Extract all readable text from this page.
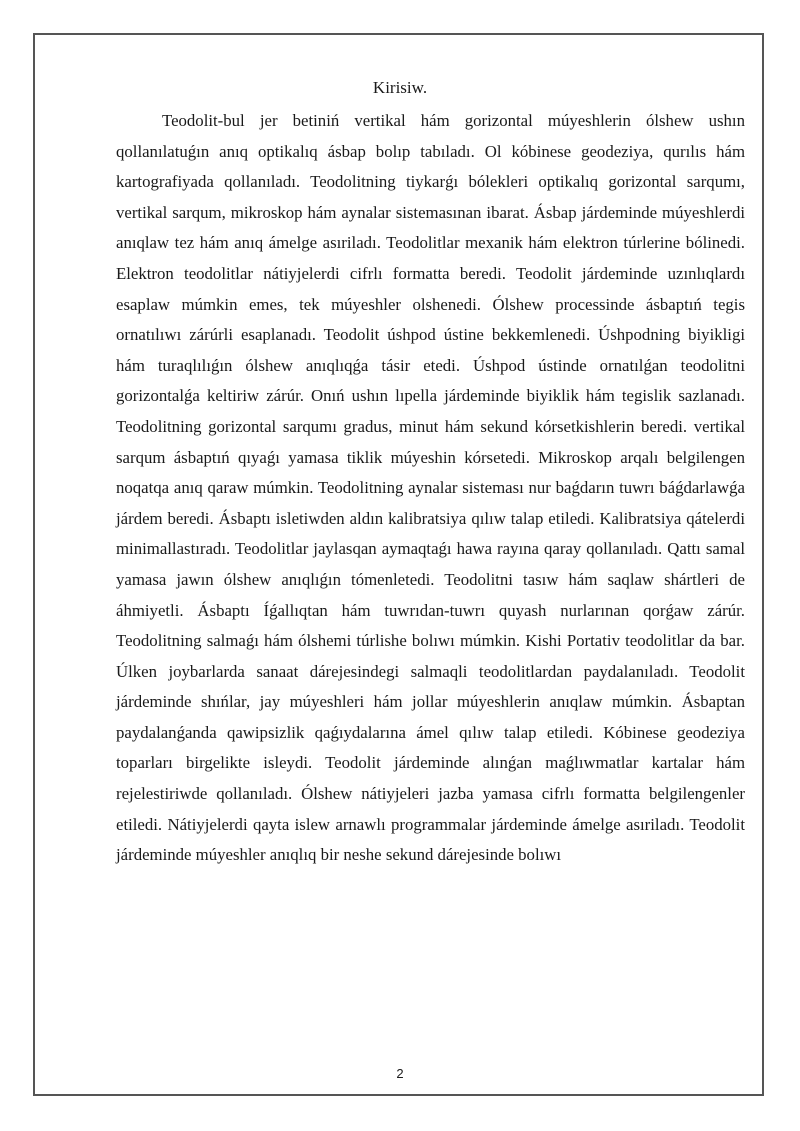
Kirisiw.

Teodolit-bul jer betiniń vertikal hám gorizontal múyeshlerin ólshew ushın qollanılatuǵın anıq optikalıq ásbap bolıp tabıladı. Ol kóbinese geodeziya, qurılıs hám kartografiyada qollanıladı. Teodolitning tiykarǵı bólekleri optikalıq gorizontal sarqumı, vertikal sarqum, mikroskop hám aynalar sistemasınan ibarat. Ásbap járdeminde múyeshlerdi anıqlaw tez hám anıq ámelge asıriladı. Teodolitlar mexanik hám elektron túrlerine bólinedi. Elektron teodolitlar nátiyjelerdi cifrlı formatta beredi. Teodolit járdeminde uzınlıqlardı esaplaw múmkin emes, tek múyeshler olshenedi. Ólshew processinde ásbaptıń tegis ornatılıwı zárúrli esaplanadı. Teodolit úshpod ústine bekkemlenedi. Úshpodning biyikligi hám turaqlılıǵın ólshew anıqlıqǵa tásir etedi. Úshpod ústinde ornatılǵan teodolitni gorizontalǵa keltiriw zárúr. Onıń ushın lıpella járdeminde biyiklik hám tegislik sazlanadı. Teodolitning gorizontal sarqumı gradus, minut hám sekund kórsetkishlerin beredi. vertikal sarqum ásbaptıń qıyaǵı yamasa tiklik múyeshin kórsetedi. Mikroskop arqalı belgilengen noqatqa anıq qaraw múmkin. Teodolitning aynalar sisteması nur baǵdarın tuwrı báǵdarlawǵa járdem beredi. Ásbaptı isletiwden aldın kalibratsiya qılıw talap etiledi. Kalibratsiya qátelerdi minimallastıradı. Teodolitlar jaylasqan aymaqtaǵı hawa rayına qaray qollanıladı. Qattı samal yamasa jawın ólshew anıqlıǵın tómenletedi. Teodolitni tasıw hám saqlaw shártleri de áhmiyetli. Ásbaptı Íǵallıqtan hám tuwrıdan-tuwrı quyash nurlarınan qorǵaw zárúr. Teodolitning salmaǵı hám ólshemi túrlishe bolıwı múmkin. Kishi Portativ teodolitlar da bar. Úlken joybarlarda sanaat dárejesindegi salmaqli teodolitlardan paydalanıladı. Teodolit járdeminde shıńlar, jay múyeshleri hám jollar múyeshlerin anıqlaw múmkin. Ásbaptan paydalanǵanda qawipsizlik qaǵıydalarına ámel qılıw talap etiledi. Kóbinese geodeziya toparları birgelikte isleydi. Teodolit járdeminde alınǵan maǵlıwmatlar kartalar hám rejelestiriwde qollanıladı. Ólshew nátiyjeleri jazba yamasa cifrlı formatta belgilengenler etiledi. Nátiyjelerdi qayta islew arnawlı programmalar járdeminde ámelge asıriladı. Teodolit járdeminde múyeshler anıqlıq bir neshe sekund dárejesinde bolıwı

2
